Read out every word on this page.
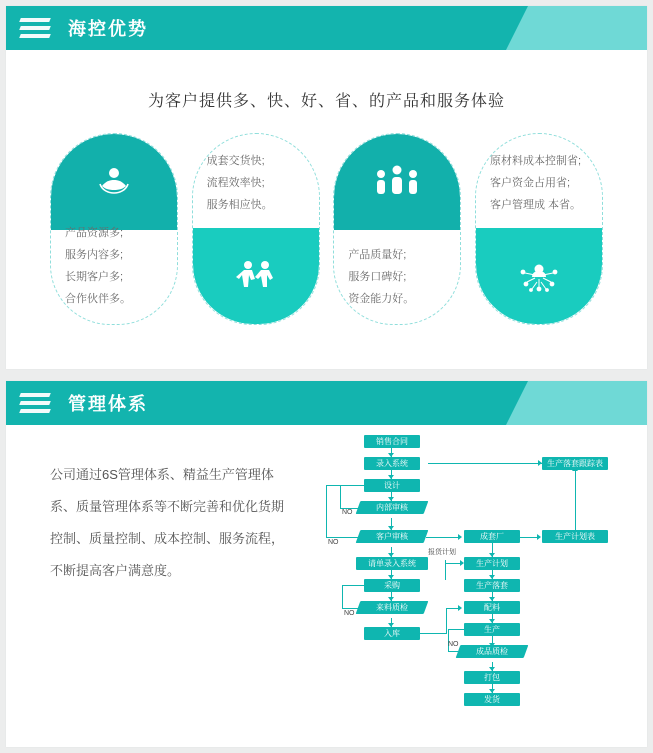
海控优势
为客户提供多、快、好、省、的产品和服务体验
产品资源多;
服务内容多;
长期客户多;
合作伙伴多。
成套交货快;
流程效率快;
服务相应快。
产品质量好;
服务口碑好;
资金能力好。
原材料成本控制省;
客户资金占用省;
客户管理成 本省。
管理体系
公司通过6S管理体系、精益生产管理体系、质量管理体系等不断完善和优化货期控制、质量控制、成本控制、服务流程，不断提高客户满意度。
销售合同
录入系统
设计
内部审核
客户审核
请单录入系统
采购
来料质检
入库
生产落套跟踪表
成套厂	生产计划表
生产计划
生产落套
配料
生产
成品质检
打包
发货
NO
NO
NO
报货计划
NO
